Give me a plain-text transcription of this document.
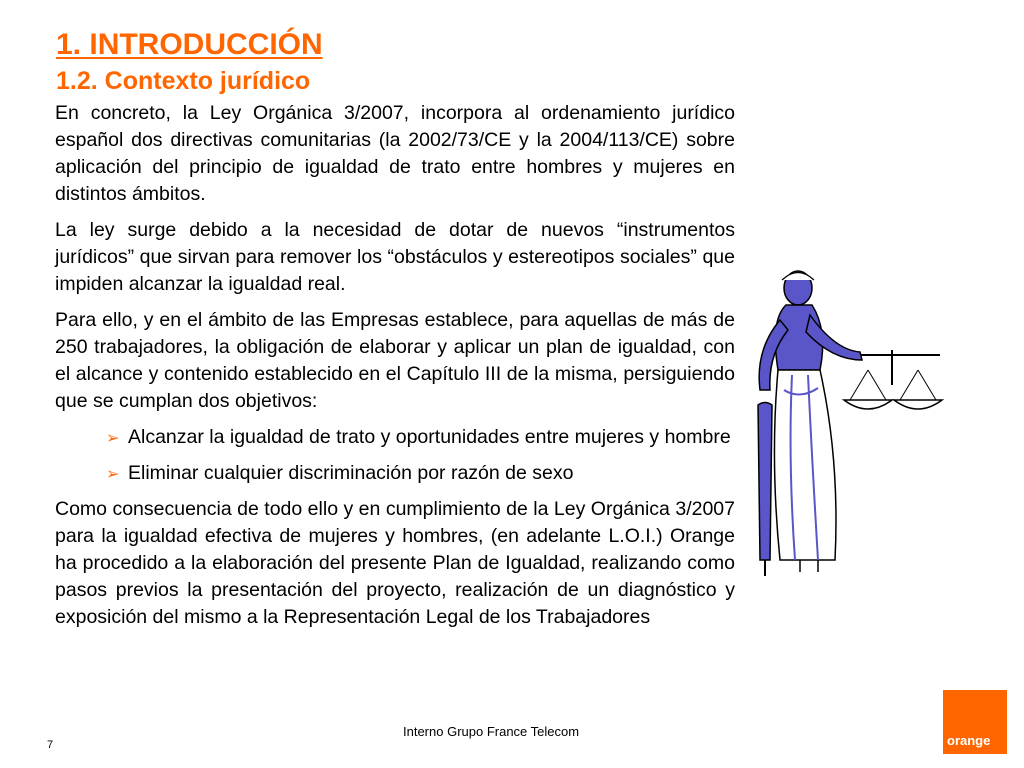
1. INTRODUCCIÓN
1.2. Contexto jurídico

En concreto, la Ley Orgánica 3/2007, incorpora al ordenamiento jurídico español dos directivas comunitarias (la 2002/73/CE y la 2004/113/CE) sobre aplicación del principio de igualdad de trato entre hombres y mujeres en distintos ámbitos.

La ley surge debido a la necesidad de dotar de nuevos “instrumentos jurídicos” que sirvan para remover los “obstáculos y estereotipos sociales” que impiden alcanzar la igualdad real.

Para ello, y en el ámbito de las Empresas establece, para aquellas de más de 250 trabajadores, la obligación de elaborar y aplicar un plan de igualdad, con el alcance y contenido establecido en el Capítulo III de la misma, persiguiendo que se cumplan dos objetivos:

➢ Alcanzar la igualdad de trato y oportunidades entre mujeres y hombre

➢ Eliminar cualquier discriminación por razón de sexo

Como consecuencia de todo ello y en cumplimiento de la Ley Orgánica 3/2007 para la igualdad efectiva de mujeres y hombres, (en adelante L.O.I.) Orange ha procedido a la elaboración del presente Plan de Igualdad, realizando como pasos previos la presentación del proyecto, realización de un diagnóstico y exposición del mismo a la Representación Legal de los Trabajadores

7
Interno Grupo France Telecom
orange
